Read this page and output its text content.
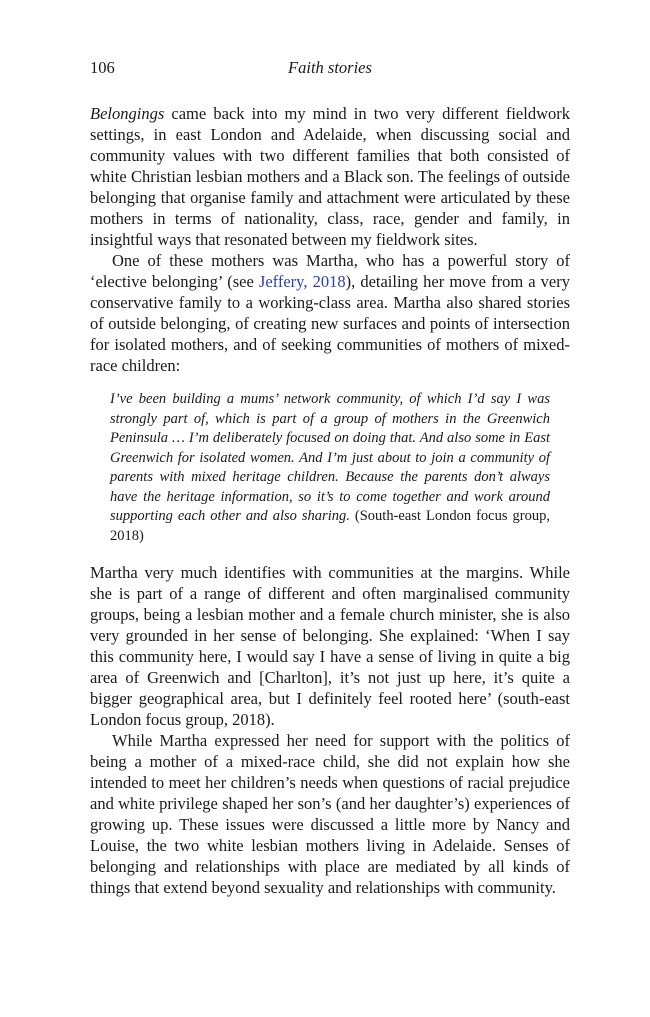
106	Faith stories

Belongings came back into my mind in two very different fieldwork settings, in east London and Adelaide, when discussing social and community values with two different families that both consisted of white Christian lesbian mothers and a Black son. The feelings of outside belonging that organise family and attachment were articulated by these mothers in terms of nationality, class, race, gender and family, in insightful ways that resonated between my fieldwork sites.

One of these mothers was Martha, who has a powerful story of ‘elective belonging’ (see Jeffery, 2018), detailing her move from a very conservative family to a working-class area. Martha also shared stories of outside belonging, of creating new surfaces and points of intersection for isolated mothers, and of seeking communities of mothers of mixed-race children:

I’ve been building a mums’ network community, of which I’d say I was strongly part of, which is part of a group of mothers in the Greenwich Peninsula … I’m deliberately focused on doing that. And also some in East Greenwich for isolated women. And I’m just about to join a community of parents with mixed heritage children. Because the parents don’t always have the heritage information, so it’s to come together and work around supporting each other and also sharing. (South-east London focus group, 2018)

Martha very much identifies with communities at the margins. While she is part of a range of different and often marginalised community groups, being a lesbian mother and a female church minister, she is also very grounded in her sense of belonging. She explained: ‘When I say this community here, I would say I have a sense of living in quite a big area of Greenwich and [Charlton], it’s not just up here, it’s quite a bigger geographical area, but I definitely feel rooted here’ (south-east London focus group, 2018).

While Martha expressed her need for support with the politics of being a mother of a mixed-race child, she did not explain how she intended to meet her children’s needs when questions of racial prejudice and white privilege shaped her son’s (and her daughter’s) experiences of growing up. These issues were discussed a little more by Nancy and Louise, the two white lesbian mothers living in Adelaide. Senses of belonging and relationships with place are mediated by all kinds of things that extend beyond sexuality and relationships with community.
